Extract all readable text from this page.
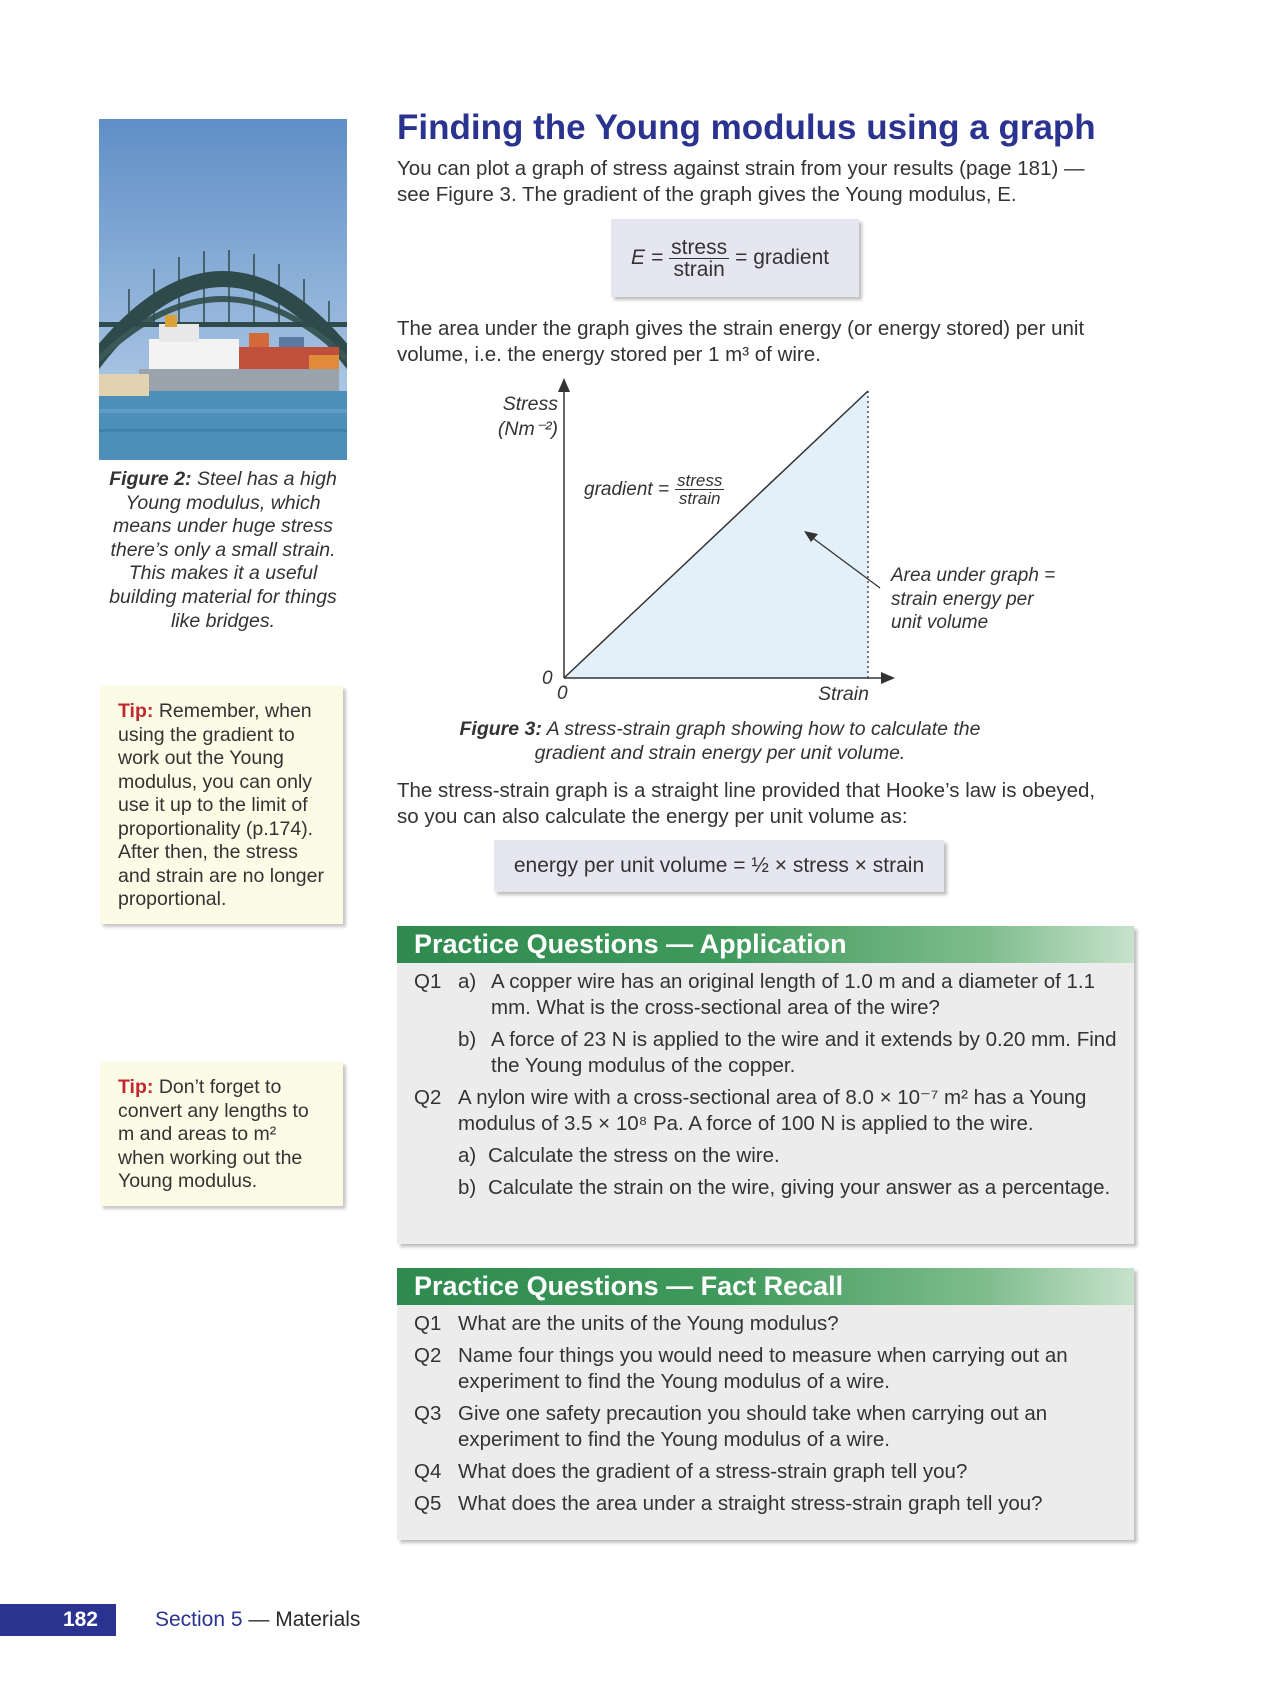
Figure 2: Steel has a high Young modulus, which means under huge stress there’s only a small strain. This makes it a useful building material for things like bridges.
Tip: Remember, when using the gradient to work out the Young modulus, you can only use it up to the limit of proportionality (p.174). After then, the stress and strain are no longer proportional.
Tip: Don’t forget to convert any lengths to m and areas to m² when working out the Young modulus.
Finding the Young modulus using a graph
You can plot a graph of stress against strain from your results (page 181) — see Figure 3. The gradient of the graph gives the Young modulus, E.
$E = \frac{\text{stress}}{\text{strain}}$ = gradient
The area under the graph gives the strain energy (or energy stored) per unit volume, i.e. the energy stored per 1 m³ of wire.
Stress
(Nm⁻²)
0
0	Strain
gradient = $\frac{\text{stress}}{\text{strain}}$
Area under graph =
strain energy per
unit volume
Figure 3: A stress-strain graph showing how to calculate the gradient and strain energy per unit volume.
The stress-strain graph is a straight line provided that Hooke’s law is obeyed, so you can also calculate the energy per unit volume as:
energy per unit volume = ½ × stress × strain
Practice Questions — Application
Q1 a) A copper wire has an original length of 1.0 m and a diameter of 1.1 mm. What is the cross-sectional area of the wire?
b) A force of 23 N is applied to the wire and it extends by 0.20 mm. Find the Young modulus of the copper.
Q2 A nylon wire with a cross-sectional area of 8.0 × 10⁻⁷ m² has a Young modulus of 3.5 × 10⁸ Pa. A force of 100 N is applied to the wire.
a) Calculate the stress on the wire.
b) Calculate the strain on the wire, giving your answer as a percentage.
Practice Questions — Fact Recall
Q1 What are the units of the Young modulus?
Q2 Name four things you would need to measure when carrying out an experiment to find the Young modulus of a wire.
Q3 Give one safety precaution you should take when carrying out an experiment to find the Young modulus of a wire.
Q4 What does the gradient of a stress-strain graph tell you?
Q5 What does the area under a straight stress-strain graph tell you?
182	Section 5 — Materials
